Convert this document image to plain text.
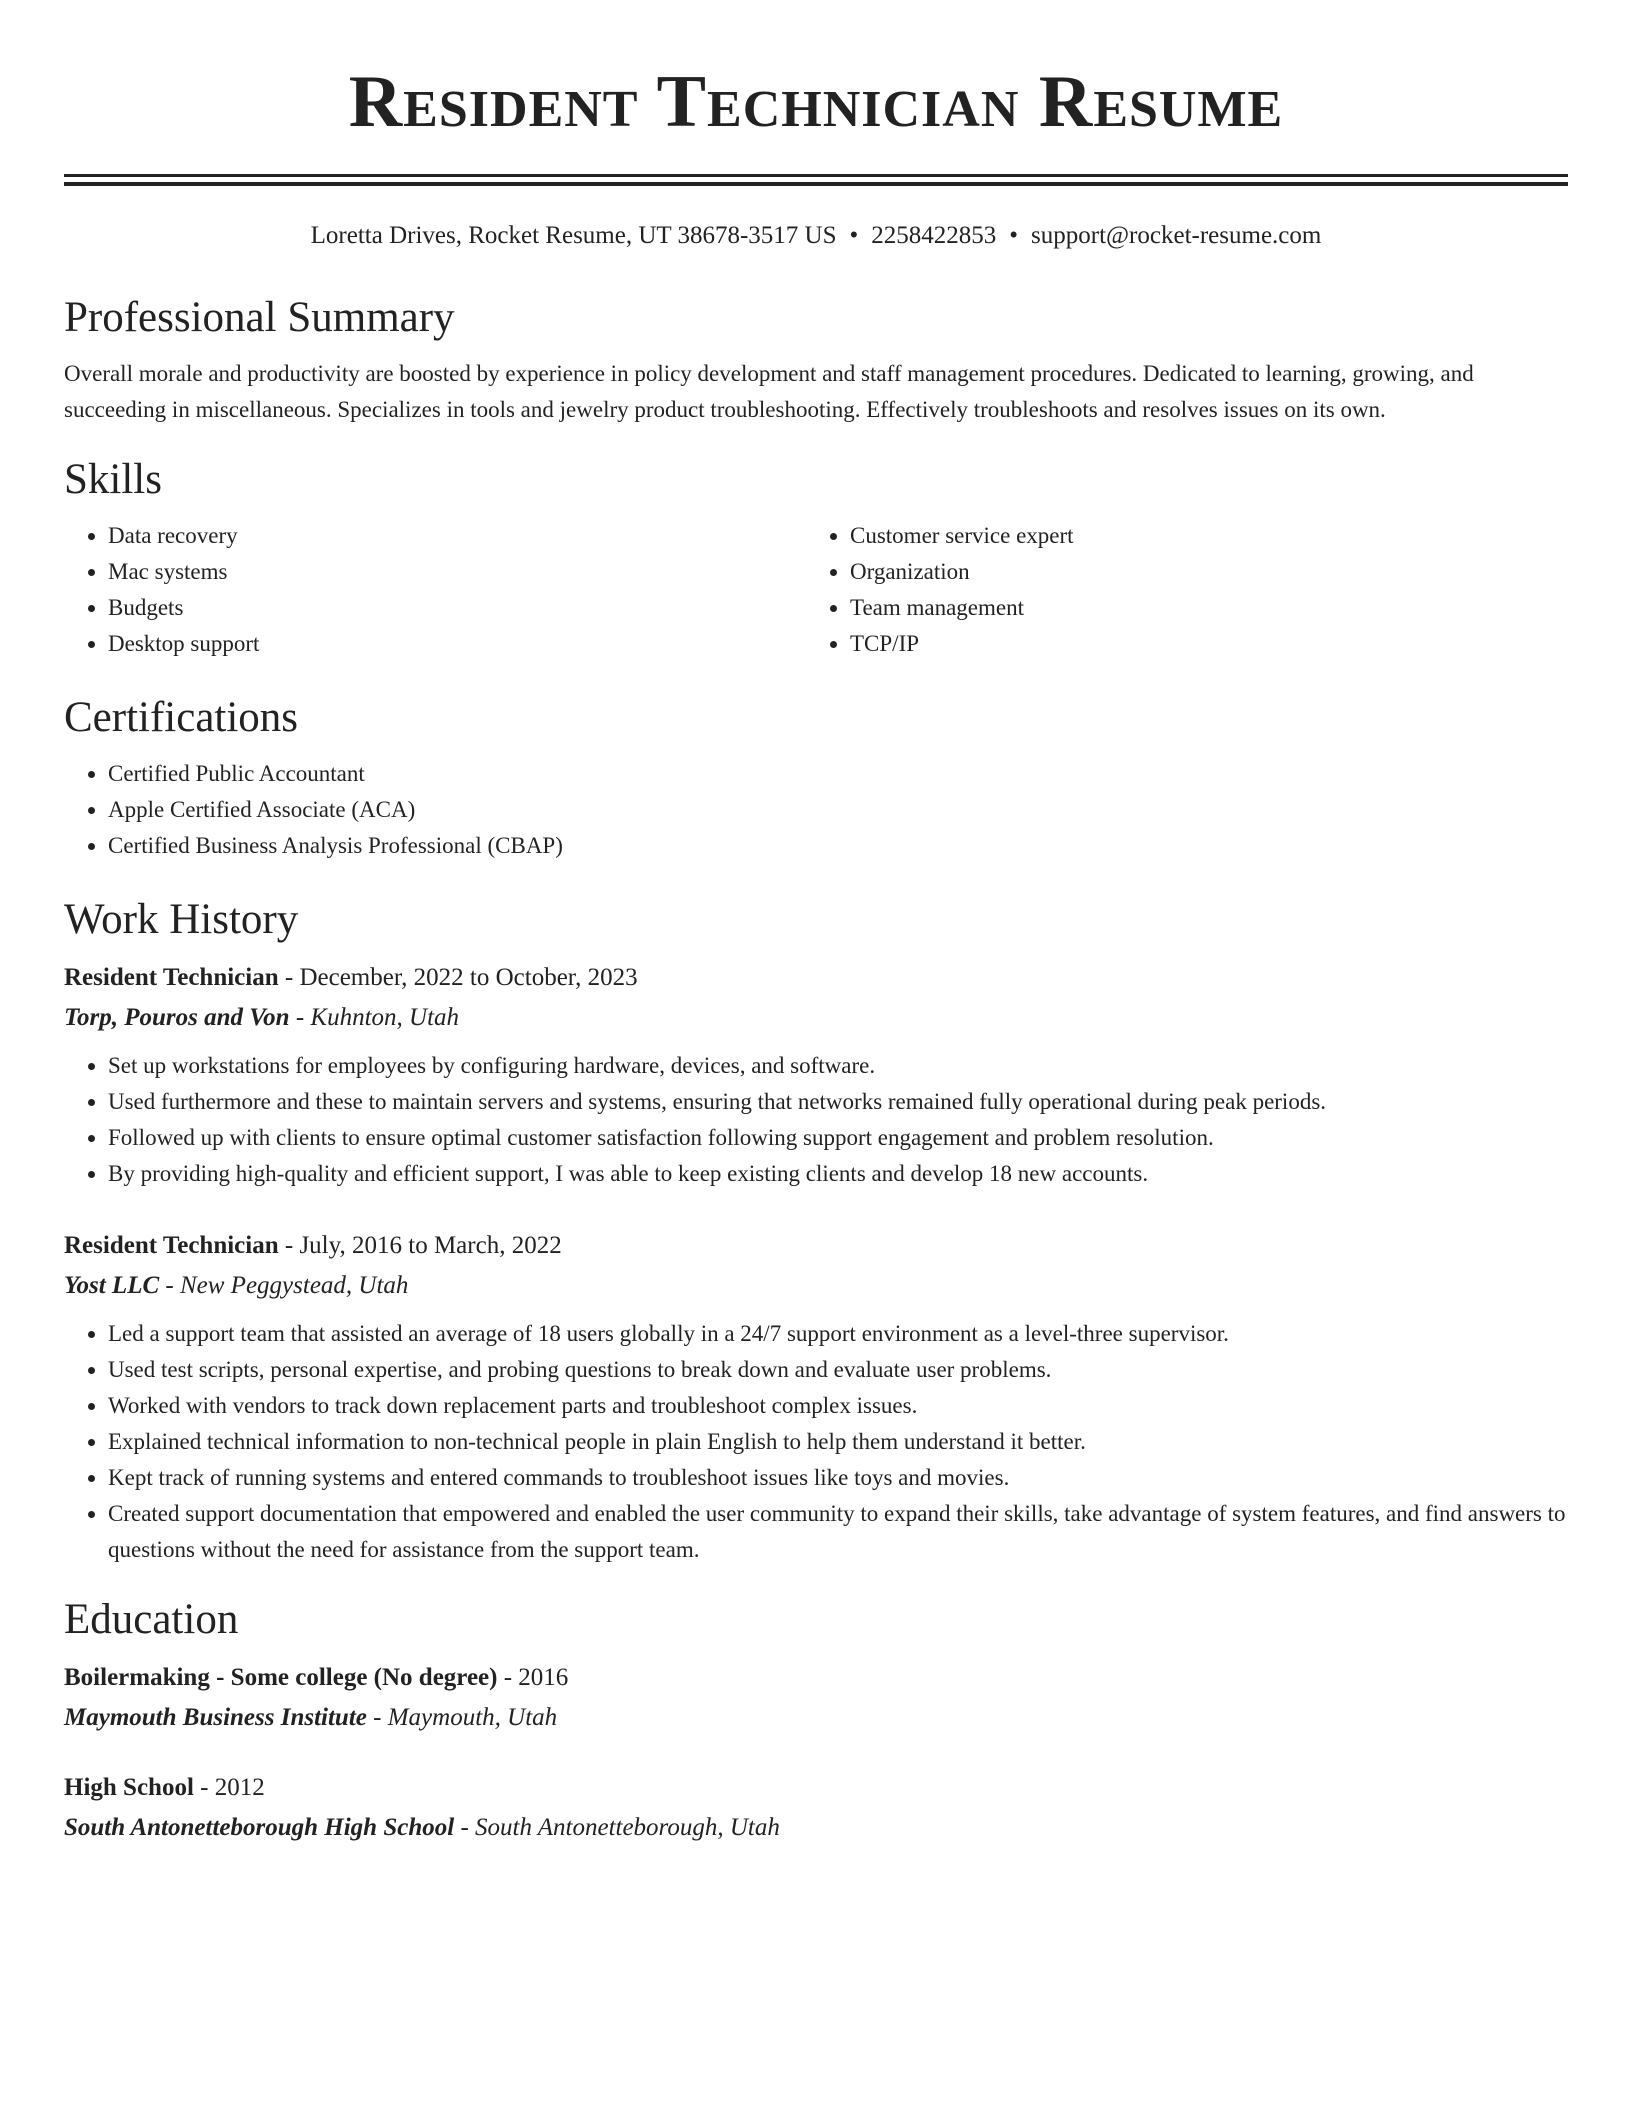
Resident Technician Resume
Loretta Drives, Rocket Resume, UT 38678-3517 US • 2258422853 • support@rocket-resume.com
Professional Summary
Overall morale and productivity are boosted by experience in policy development and staff management procedures. Dedicated to learning, growing, and succeeding in miscellaneous. Specializes in tools and jewelry product troubleshooting. Effectively troubleshoots and resolves issues on its own.
Skills
• Data recovery
• Mac systems
• Budgets
• Desktop support
• Customer service expert
• Organization
• Team management
• TCP/IP
Certifications
• Certified Public Accountant
• Apple Certified Associate (ACA)
• Certified Business Analysis Professional (CBAP)
Work History
Resident Technician - December, 2022 to October, 2023
Torp, Pouros and Von - Kuhnton, Utah
• Set up workstations for employees by configuring hardware, devices, and software.
• Used furthermore and these to maintain servers and systems, ensuring that networks remained fully operational during peak periods.
• Followed up with clients to ensure optimal customer satisfaction following support engagement and problem resolution.
• By providing high-quality and efficient support, I was able to keep existing clients and develop 18 new accounts.
Resident Technician - July, 2016 to March, 2022
Yost LLC - New Peggystead, Utah
• Led a support team that assisted an average of 18 users globally in a 24/7 support environment as a level-three supervisor.
• Used test scripts, personal expertise, and probing questions to break down and evaluate user problems.
• Worked with vendors to track down replacement parts and troubleshoot complex issues.
• Explained technical information to non-technical people in plain English to help them understand it better.
• Kept track of running systems and entered commands to troubleshoot issues like toys and movies.
• Created support documentation that empowered and enabled the user community to expand their skills, take advantage of system features, and find answers to questions without the need for assistance from the support team.
Education
Boilermaking - Some college (No degree) - 2016
Maymouth Business Institute - Maymouth, Utah
High School - 2012
South Antonetteborough High School - South Antonetteborough, Utah
